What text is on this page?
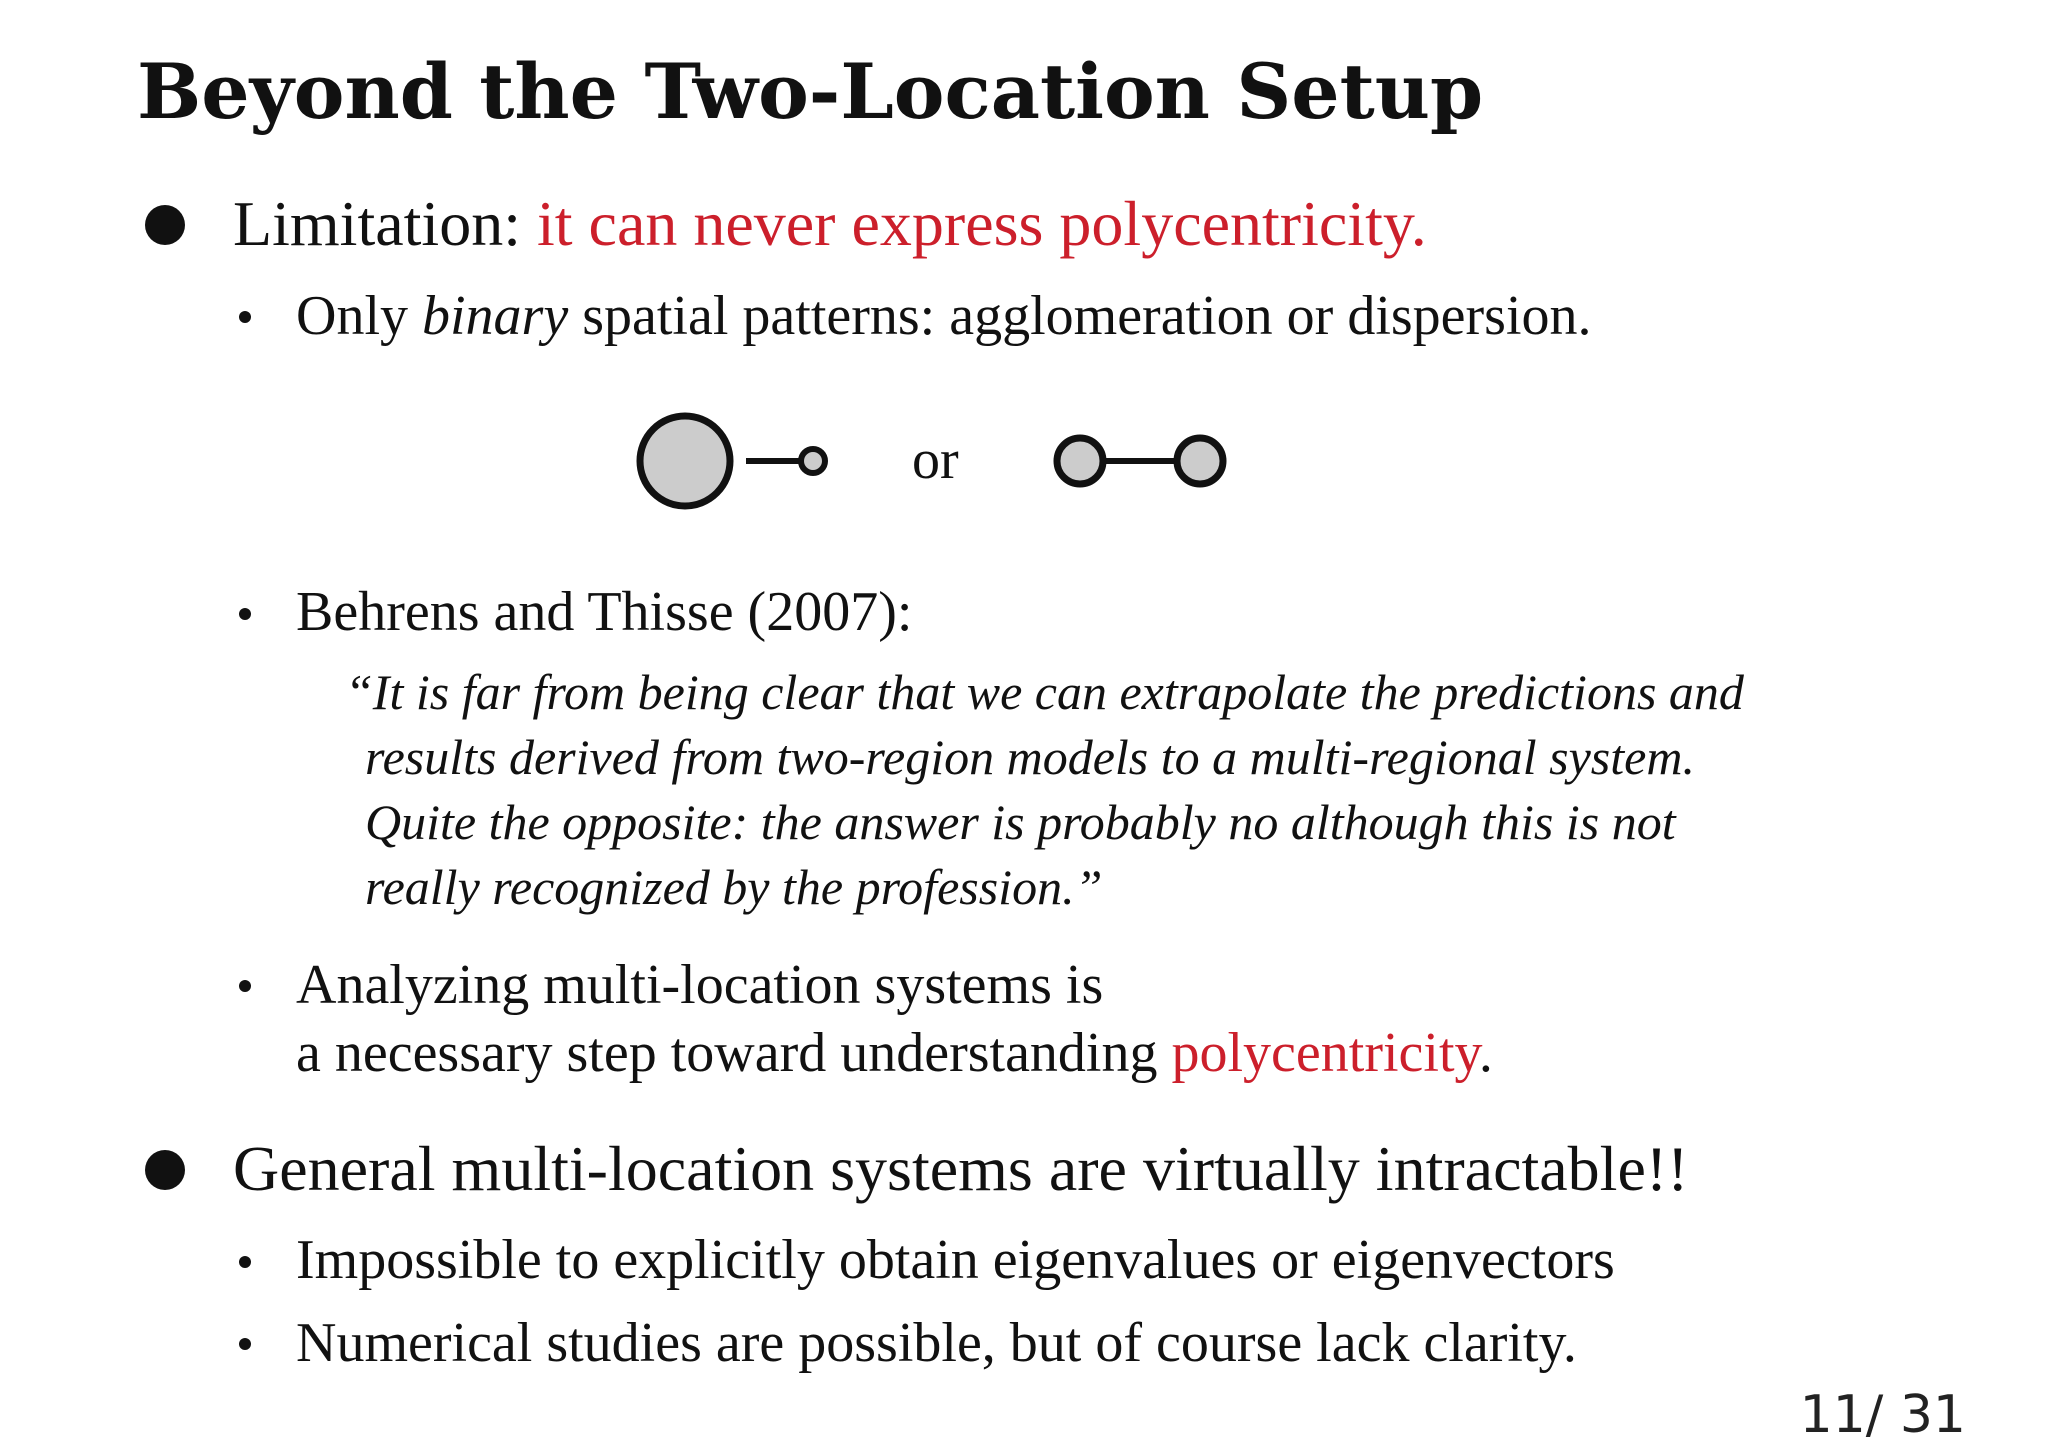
Beyond the Two-Location Setup
Limitation: it can never express polycentricity.
Only binary spatial patterns: agglomeration or dispersion.
or
Behrens and Thisse (2007):
“It is far from being clear that we can extrapolate the predictions and
results derived from two-region models to a multi-regional system.
Quite the opposite: the answer is probably no although this is not
really recognized by the profession.”
Analyzing multi-location systems is
a necessary step toward understanding polycentricity.
General multi-location systems are virtually intractable!!
Impossible to explicitly obtain eigenvalues or eigenvectors
Numerical studies are possible, but of course lack clarity.
11/ 31
